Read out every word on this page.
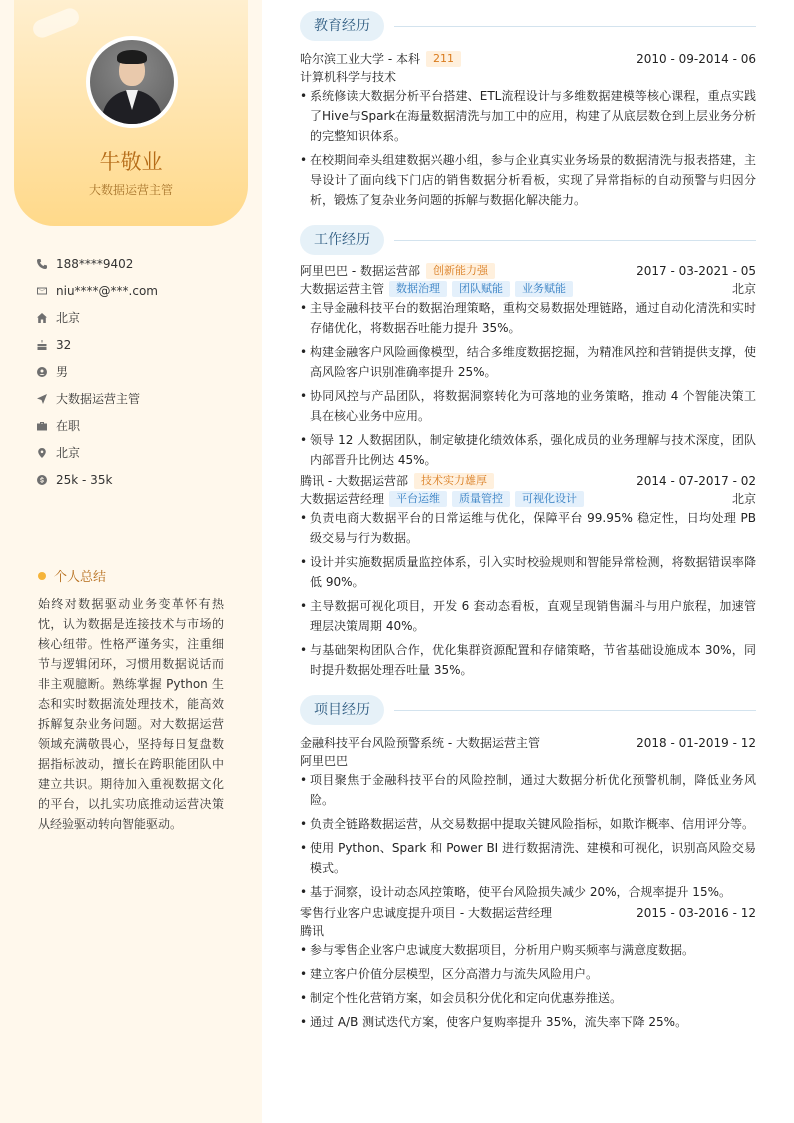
牛敬业
大数据运营主管
188****9402
niu****@***.com
北京
32
男
大数据运营主管
在职
北京
25k - 35k
个人总结
始终对数据驱动业务变革怀有热忱，认为数据是连接技术与市场的核心纽带。性格严谨务实，注重细节与逻辑闭环，习惯用数据说话而非主观臆断。熟练掌握 Python 生态和实时数据流处理技术，能高效拆解复杂业务问题。对大数据运营领域充满敬畏心，坚持每日复盘数据指标波动，擅长在跨职能团队中建立共识。期待加入重视数据文化的平台，以扎实功底推动运营决策从经验驱动转向智能驱动。
教育经历
哈尔滨工业大学 - 本科	211	2010 - 09-2014 - 06
计算机科学与技术
• 系统修读大数据分析平台搭建、ETL流程设计与多维数据建模等核心课程，重点实践了Hive与Spark在海量数据清洗与加工中的应用，构建了从底层数仓到上层业务分析的完整知识体系。
• 在校期间牵头组建数据兴趣小组，参与企业真实业务场景的数据清洗与报表搭建，主导设计了面向线下门店的销售数据分析看板，实现了异常指标的自动预警与归因分析，锻炼了复杂业务问题的拆解与数据化解决能力。
工作经历
阿里巴巴 - 数据运营部	创新能力强	2017 - 03-2021 - 05
大数据运营主管	数据治理	团队赋能	业务赋能	北京
• 主导金融科技平台的数据治理策略，重构交易数据处理链路，通过自动化清洗和实时存储优化，将数据吞吐能力提升 35%。
• 构建金融客户风险画像模型，结合多维度数据挖掘，为精准风控和营销提供支撑，使高风险客户识别准确率提升 25%。
• 协同风控与产品团队，将数据洞察转化为可落地的业务策略，推动 4 个智能决策工具在核心业务中应用。
• 领导 12 人数据团队，制定敏捷化绩效体系，强化成员的业务理解与技术深度，团队内部晋升比例达 45%。
腾讯 - 大数据运营部	技术实力雄厚	2014 - 07-2017 - 02
大数据运营经理	平台运维	质量管控	可视化设计	北京
• 负责电商大数据平台的日常运维与优化，保障平台 99.95% 稳定性，日均处理 PB 级交易与行为数据。
• 设计并实施数据质量监控体系，引入实时校验规则和智能异常检测，将数据错误率降低 90%。
• 主导数据可视化项目，开发 6 套动态看板，直观呈现销售漏斗与用户旅程，加速管理层决策周期 40%。
• 与基础架构团队合作，优化集群资源配置和存储策略，节省基础设施成本 30%，同时提升数据处理吞吐量 35%。
项目经历
金融科技平台风险预警系统 - 大数据运营主管	2018 - 01-2019 - 12
阿里巴巴
• 项目聚焦于金融科技平台的风险控制，通过大数据分析优化预警机制，降低业务风险。
• 负责全链路数据运营，从交易数据中提取关键风险指标，如欺诈概率、信用评分等。
• 使用 Python、Spark 和 Power BI 进行数据清洗、建模和可视化，识别高风险交易模式。
• 基于洞察，设计动态风控策略，使平台风险损失减少 20%，合规率提升 15%。
零售行业客户忠诚度提升项目 - 大数据运营经理	2015 - 03-2016 - 12
腾讯
• 参与零售企业客户忠诚度大数据项目，分析用户购买频率与满意度数据。
• 建立客户价值分层模型，区分高潜力与流失风险用户。
• 制定个性化营销方案，如会员积分优化和定向优惠券推送。
• 通过 A/B 测试迭代方案，使客户复购率提升 35%，流失率下降 25%。
